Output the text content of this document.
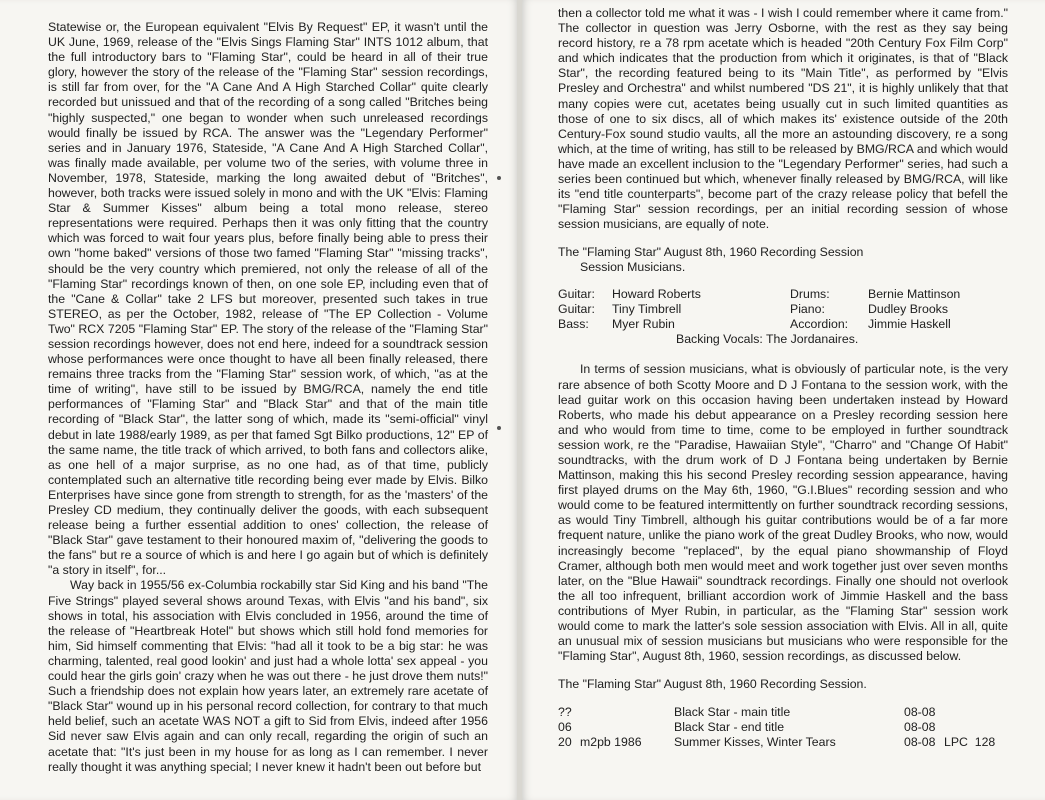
Statewise or, the European equivalent "Elvis By Request" EP, it wasn't until the UK June, 1969, release of the "Elvis Sings Flaming Star" INTS 1012 album, that the full introductory bars to "Flaming Star", could be heard in all of their true glory, however the story of the release of the "Flaming Star" session recordings, is still far from over, for the "A Cane And A High Starched Collar" quite clearly recorded but unissued and that of the recording of a song called "Britches being "highly suspected," one began to wonder when such unreleased recordings would finally be issued by RCA. The answer was the "Legendary Performer" series and in January 1976, Stateside, "A Cane And A High Starched Collar", was finally made available, per volume two of the series, with volume three in November, 1978, Stateside, marking the long awaited debut of "Britches", however, both tracks were issued solely in mono and with the UK "Elvis: Flaming Star & Summer Kisses" album being a total mono release, stereo representations were required. Perhaps then it was only fitting that the country which was forced to wait four years plus, before finally being able to press their own "home baked" versions of those two famed "Flaming Star" "missing tracks", should be the very country which premiered, not only the release of all of the "Flaming Star" recordings known of then, on one sole EP, including even that of the "Cane & Collar" take 2 LFS but moreover, presented such takes in true STEREO, as per the October, 1982, release of "The EP Collection - Volume Two" RCX 7205 "Flaming Star" EP. The story of the release of the "Flaming Star" session recordings however, does not end here, indeed for a soundtrack session whose performances were once thought to have all been finally released, there remains three tracks from the "Flaming Star" session work, of which, "as at the time of writing", have still to be issued by BMG/RCA, namely the end title performances of "Flaming Star" and "Black Star" and that of the main title recording of "Black Star", the latter song of which, made its "semi-official" vinyl debut in late 1988/early 1989, as per that famed Sgt Bilko productions, 12" EP of the same name, the title track of which arrived, to both fans and collectors alike, as one hell of a major surprise, as no one had, as of that time, publicly contemplated such an alternative title recording being ever made by Elvis. Bilko Enterprises have since gone from strength to strength, for as the 'masters' of the Presley CD medium, they continually deliver the goods, with each subsequent release being a further essential addition to ones' collection, the release of "Black Star" gave testament to their honoured maxim of, "delivering the goods to the fans" but re a source of which is and here I go again but of which is definitely "a story in itself", for...

Way back in 1955/56 ex-Columbia rockabilly star Sid King and his band "The Five Strings" played several shows around Texas, with Elvis "and his band", six shows in total, his association with Elvis concluded in 1956, around the time of the release of "Heartbreak Hotel" but shows which still hold fond memories for him, Sid himself commenting that Elvis: "had all it took to be a big star: he was charming, talented, real good lookin' and just had a whole lotta' sex appeal - you could hear the girls goin' crazy when he was out there - he just drove them nuts!" Such a friendship does not explain how years later, an extremely rare acetate of "Black Star" wound up in his personal record collection, for contrary to that much held belief, such an acetate WAS NOT a gift to Sid from Elvis, indeed after 1956 Sid never saw Elvis again and can only recall, regarding the origin of such an acetate that: "It's just been in my house for as long as I can remember. I never really thought it was anything special; I never knew it hadn't been out before but

then a collector told me what it was - I wish I could remember where it came from." The collector in question was Jerry Osborne, with the rest as they say being record history, re a 78 rpm acetate which is headed "20th Century Fox Film Corp" and which indicates that the production from which it originates, is that of "Black Star", the recording featured being to its "Main Title", as performed by "Elvis Presley and Orchestra" and whilst numbered "DS 21", it is highly unlikely that that many copies were cut, acetates being usually cut in such limited quantities as those of one to six discs, all of which makes its' existence outside of the 20th Century-Fox sound studio vaults, all the more an astounding discovery, re a song which, at the time of writing, has still to be released by BMG/RCA and which would have made an excellent inclusion to the "Legendary Performer" series, had such a series been continued but which, whenever finally released by BMG/RCA, will like its "end title counterparts", become part of the crazy release policy that befell the "Flaming Star" session recordings, per an initial recording session of whose session musicians, are equally of note.

The "Flaming Star" August 8th, 1960 Recording Session
Session Musicians.
Guitar:	Howard Roberts	Drums:	Bernie Mattinson
Guitar:	Tiny Timbrell	Piano:	Dudley Brooks
Bass:	Myer Rubin	Accordion:	Jimmie Haskell
Backing Vocals: The Jordanaires.

In terms of session musicians, what is obviously of particular note, is the very rare absence of both Scotty Moore and D J Fontana to the session work, with the lead guitar work on this occasion having been undertaken instead by Howard Roberts, who made his debut appearance on a Presley recording session here and who would from time to time, come to be employed in further soundtrack session work, re the "Paradise, Hawaiian Style", "Charro" and "Change Of Habit" soundtracks, with the drum work of D J Fontana being undertaken by Bernie Mattinson, making this his second Presley recording session appearance, having first played drums on the May 6th, 1960, "G.I.Blues" recording session and who would come to be featured intermittently on further soundtrack recording sessions, as would Tiny Timbrell, although his guitar contributions would be of a far more frequent nature, unlike the piano work of the great Dudley Brooks, who now, would increasingly become "replaced", by the equal piano showmanship of Floyd Cramer, although both men would meet and work together just over seven months later, on the "Blue Hawaii" soundtrack recordings. Finally one should not overlook the all too infrequent, brilliant accordion work of Jimmie Haskell and the bass contributions of Myer Rubin, in particular, as the "Flaming Star" session work would come to mark the latter's sole session association with Elvis. All in all, quite an unusual mix of session musicians but musicians who were responsible for the "Flaming Star", August 8th, 1960, session recordings, as discussed below.

The "Flaming Star" August 8th, 1960 Recording Session.
??		Black Star - main title	08-08	
06		Black Star - end title	08-08	
20	m2pb 1986	Summer Kisses, Winter Tears	08-08	LPC  128
